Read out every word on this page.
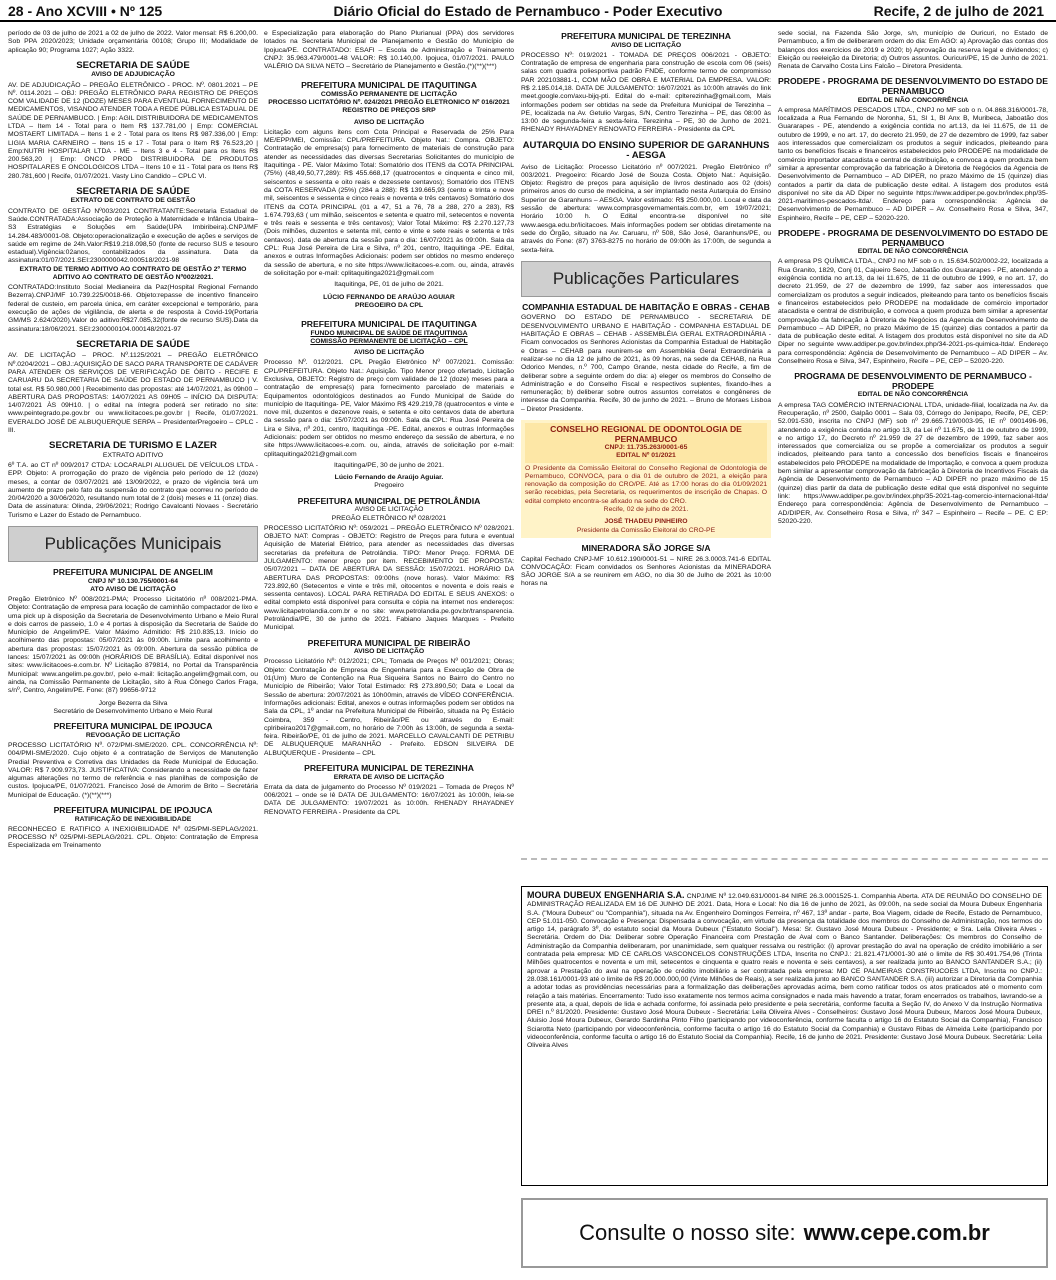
28 - Ano XCVIII • Nº 125	Diário Oficial do Estado de Pernambuco - Poder Executivo	Recife, 2 de julho de 2021
período de 03 de julho de 2021 a 02 de julho de 2022. Valor mensal: R$ 6.200,00. Sob PPA 2020/2023; Unidade orçamentária 00108; Grupo III; Modalidade de aplicação 90; Programa 1027; Ação 3322.
SECRETARIA DE SAÚDE
AVISO DE ADJUDICAÇÃO
AV. DE ADJUDICAÇÃO – PREGÃO ELETRÔNICO - PROC. Nº. 0801.2021 – PE Nº. 0114.2021 – OBJ: PREGÃO ELETRÔNICO PARA REGISTRO DE PREÇOS COM VALIDADE DE 12 (DOZE) MESES PARA EVENTUAL FORNECIMENTO DE MEDICAMENTOS, VISANDO ATENDER TODA A REDE PÚBLICA ESTADUAL DE SAÚDE DE PERNAMBUCO. | Emp: AGIL DISTRIBUIDORA DE MEDICAMENTOS LTDA – Item 14 - Total para o Item R$ 137.781,00 | Emp: COMERCIAL MOSTAERT LIMITADA – Itens 1 e 2 - Total para os Itens R$ 987.336,00 | Emp: LIGIA MARIA CARNEIRO – Itens 15 e 17 - Total para o Item R$ 76.523,20 | Emp:NUTRI HOSPITALAR LTDA - ME – Itens 3 e 4 - Total para os Itens R$ 200.563,20 | Emp: ONCO PROD DISTRIBUIDORA DE PRODUTOS HOSPITALARES E ONCOLOGICOS LTDA – Itens 10 e 11 - Total para os Itens R$ 280.781,600 | Recife, 01/07/2021. Vasty Lino Candido – CPLC VI.
SECRETARIA DE SAÚDE
EXTRATO DE CONTRATO DE GESTÃO
CONTRATO DE GESTÃO Nº003/2021 CONTRATANTE:Secretaria Estadual de Saúde.CONTRATADA:Associação de Proteção à Maternidade e Infância Ubaíra–S3 Estratégias e Soluções em Saúde(UPA Imbiribeira).CNPJ/MF 14.284.483/0001-08. Objeto:operacionalização e execução de ações e serviços de saúde em regime de 24h.Valor:R$19.218.098,50 (fonte de recurso SUS e tesouro estadual).Vigência:02anos, contabilizados da assinatura. Data da assinatura:01/07/2021.SEI:2300000042.000518/2021-98
EXTRATO DE TERMO ADITIVO AO CONTRATO DE GESTÃO 2º TERMO ADITIVO AO CONTRATO DE GESTÃO Nº002/2021.
CONTRATADO:Instituto Social Medianeira da Paz(Hospital Regional Fernando Bezerra).CNPJ/MF 10.739.225/0018-66. Objeto:repasse de incentivo financeiro federal de custeio, em parcela única, em caráter excepcional e temporário, para execução de ações de vigilância, de alerta e de resposta à Covid-19(Portaria GM/MS 2.624/2020).Valor do aditivo:R$27.085,32(fonte de recurso SUS).Data da assinatura:18/06/2021. SEI:2300000104.000148/2021-97
SECRETARIA DE SAÚDE
AV. DE LICITAÇÃO – PROC. Nº.1125/2021 – PREGÃO ELETRÔNICO Nº.0204/2021 – OBJ.:AQUISIÇÃO DE SACO PARA TRANSPORTE DE CADÁVER PARA ATENDER OS SERVIÇOS DE VERIFICAÇÃO DE ÓBITO - RECIFE E CARUARU DA SECRETARIA DE SAÚDE DO ESTADO DE PERNAMBUCO | V. total est. R$ 50.980,000 | Recebimento das propostas: até 14/07/2021, às 09h00 – ABERTURA DAS PROPOSTAS: 14/07/2021 AS 09H05 – INÍCIO DA DISPUTA: 14/07/2021 ÀS 09H10. | o edital na íntegra poderá ser retirado no site: www.peintegrado.pe.gov.br ou www.licitacoes.pe.gov.br | Recife, 01/07/2021. EVERALDO JOSÉ DE ALBUQUERQUE SERPA – Presidente/Pregoeiro – CPLC - III.
SECRETARIA DE TURISMO E LAZER
EXTRATO ADITIVO
6º T.A. ao CT nº 009/2017 CTDA: LOCARALPI ALUGUEL DE VEÍCULOS LTDA - EPP. Objeto: A prorrogação do prazo de vigência pelo período de 12 (doze) meses, a contar de 03/07/2021 até 13/09/2022, e prazo de vigência terá um aumento de prazo pelo fato da suspensão do contrato que ocorreu no período de 20/04/2020 a 30/06/2020, resultando num total de 2 (dois) meses e 11 (onze) dias. Data de assinatura: Olinda, 29/06/2021; Rodrigo Cavalcanti Novaes - Secretário Turismo e Lazer do Estado de Pernambuco.
Publicações Municipais
PREFEITURA MUNICIPAL DE ANGELIM
CNPJ Nº 10.130.755/0001-64
ATO AVISO DE LICITAÇÃO
Pregão Eletrônico Nº 008/2021-PMA; Processo Licitatório nº 008/2021-PMA. Objeto: Contratação de empresa para locação de caminhão compactador de lixo e uma pick up à disposição da Secretaria de Desenvolvimento Urbano e Meio Rural e dois carros de passeio, 1.0 e 4 portas à disposição da Secretaria de Saúde do Município de Angelim/PE. Valor Máximo Admitido: R$ 210.835,13. Início do acolhimento das propostas: 05/07/2021 às 09:00h. Limite para acolhimento e abertura das propostas: 15/07/2021 às 09:00h. Abertura da sessão pública de lances: 15/07/2021 às 09:00h (HORÁRIOS DE BRASÍLIA). Edital disponível nos sites: www.licitacoes-e.com.br. Nº Licitação 879814, no Portal da Transparência Municipal: www.angelim.pe.gov.br/, pelo e-mail: licitação.angelim@gmail.com, ou ainda, na Comissão Permanente de Licitação, sito à Rua Cônego Carlos Fraga, s/nº, Centro, Angelim/PE. Fone: (87) 99656-9712
Jorge Bezerra da Silva
Secretário de Desenvolvimento Urbano e Meio Rural
PREFEITURA MUNICIPAL DE IPOJUCA
REVOGAÇÃO DE LICITAÇÃO
PROCESSO LICITATÓRIO Nº. 072/PMI-SME/2020. CPL. CONCORRÊNCIA Nº: 004/PMI-SME/2020. Cujo objeto é a contratação de Serviços de Manutenção Predial Preventiva e Corretiva das Unidades da Rede Municipal de Educação. VALOR: R$ 7.909.973,73. JUSTIFICATIVA: Considerando a necessidade de fazer algumas alterações no termo de referência e nas planilhas de composição de custos. Ipojuca/PE, 01/07/2021. Francisco José de Amorim de Brito – Secretária Municipal de Educação. (*)(**)(***)
PREFEITURA MUNICIPAL DE IPOJUCA
RATIFICAÇÃO DE INEXIGIBILIDADE
RECONHECEO E RATIFICO A INEXIGIBILIDADE Nº 025/PMI-SEPLAG/2021. PROCESSO Nº 025/PMI-SEPLAG/2021. CPL. Objeto: Contratação de Empresa Especializada em Treinamento
e Especialização para elaboração do Plano Plurianual (PPA) dos servidores lotados na Secretaria Municipal de Planejamento e Gestão do Município de Ipojuca/PE. CONTRATADO: ESAFI – Escola de Administração e Treinamento CNPJ: 35.963.479/0001-48 VALOR: R$ 10.140,00. Ipojuca, 01/07/2021. PAULO VALÉRIO DA SILVA NETO – Secretário de Planejamento e Gestão.(*)(**)(***)
PREFEITURA MUNICIPAL DE ITAQUITINGA
COMISSÃO PERMANENTE DE LICITAÇÃO
PROCESSO LICITATÓRIO Nº. 024/2021 PREGÃO ELETRONICO Nº 016/2021 REGISTRO DE PREÇOS SRP
AVISO DE LICITAÇÃO
Licitação com alguns itens com Cota Principal e Reservada de 25% Para ME/EPP/MEI, Comissão: CPL/PREFEITURA. Objeto Nat.: Compra. OBJETO: Contratação de empresa(s) para fornecimento de materiais de construção para atender as necessidades das diversas Secretarias Solicitantes do município de Itaquitinga - PE. Valor Máximo Total: Somatório dos ITENS da COTA PRINCIPAL (75%) (48,49,50,77,289): R$ 455.668,17 (quatrocentos e cinquenta e cinco mil, seiscentos e sessenta e oito reais e dezessete centavos); Somatório dos ITENS da COTA RESERVADA (25%) (284 a 288): R$ 139.665,93 (cento e trinta e nove mil, seiscentos e sessenta e cinco reais e noventa e três centavos) Somatório dos ITENS da COTA PRINCIPAL (01 a 47, 51 a 76, 78 a 288, 270 a 283), R$ 1.674.793,63 ( um milhão, seiscentos e setenta e quatro mil, setecentos e noventa e três reais e sessenta e três centavos); Valor Total Máximo: R$ 2.270.127,73 (Dois milhões, duzentos e setenta mil, cento e vinte e sete reais e setenta e três centavos). data de abertura da sessão para o dia: 16/07/2021 às 09:00h. Sala da CPL: Rua José Pereira de Lira e Silva, nº 201, centro, Itaquitinga -PE. Edital, anexos e outras Informações Adicionais: podem ser obtidos no mesmo endereço da sessão de abertura, e no site https://www.licitacoes-e.com. ou, ainda, através de solicitação por e-mail: cplitaquitinga2021@gmail.com
Itaquitinga, PE, 01 de julho de 2021.
LÚCIO FERNANDO DE ARAÚJO AGUIAR
PREGOEIRO DA CPL
PREFEITURA MUNICIPAL DE ITAQUITINGA
FUNDO MUNICIPAL DE SAÚDE DE ITAQUITINGA
COMISSÃO PERMANENTE DE LICITAÇÃO – CPL
AVISO DE LICITAÇÃO
Processo Nº. 012/2021. CPL Pregão Eletrônico Nº 007/2021. Comissão: CPL/PREFEITURA. Objeto Nat.: Aquisição. Tipo Menor preço ofertado, Licitação Exclusiva, OBJETO: Registro de preço com validade de 12 (doze) meses para a contratação de empresa(s) para fornecimento parcelado de materiais e Equipamentos odontológicos destinados ao Fundo Municipal de Saúde do município de Itaquitinga- PE, Valor Máximo R$ 429.219,78 (quatrocentos e vinte e nove mil, duzentos e dezenove reais, e setenta e oito centavos data de abertura da sessão para o dia: 15/07/2021 às 09:00h. Sala da CPL: Rua José Pereira de Lira e Silva, nº 201, centro, Itaquitinga -PE. Edital, anexos e outras Informações Adicionais: podem ser obtidos no mesmo endereço da sessão de abertura, e no site https://www.licitacoes-e.com. ou, ainda, através de solicitação por e-mail: cplitaquitinga2021@gmail.com
Itaquitinga/PE, 30 de junho de 2021.
Lúcio Fernando de Araújo Aguiar.
Pregoeiro
PREFEITURA MUNICIPAL DE PETROLÂNDIA
AVISO DE LICITAÇÃO
PREGÃO ELETRÔNICO Nº 028/2021
PROCESSO LICITATÓRIO Nº: 059/2021 – PREGÃO ELETRÔNICO Nº 028/2021. OBJETO NAT: Compras - OBJETO: Registro de Preços para futura e eventual Aquisição de Material Elétrico, para atender as necessidades das diversas secretarias da prefeitura de Petrolândia. TIPO: Menor Preço. FORMA DE JULGAMENTO: menor preço por item. RECEBIMENTO DE PROPOSTA: 05/07/2021 – DATA DE ABERTURA DA SESSÃO: 15/07/2021. HORÁRIO DA ABERTURA DAS PROPOSTAS: 09:00hs (nove horas). Valor Máximo: R$ 723.892,60 (Setecentos e vinte e três mil, oitocentos e noventa e dois reais e sessenta centavos). LOCAL PARA RETIRADA DO EDITAL E SEUS ANEXOS: o edital completo está disponível para consulta e cópia na internet nos endereços: www.licitapetrolandia.com.br e no site: www.petrolandia.pe.gov.br/transparencia. Petrolândia/PE, 30 de junho de 2021. Fabiano Jaques Marques - Prefeito Municipal.
PREFEITURA MUNICIPAL DE RIBEIRÃO
AVISO DE LICITAÇÃO
Processo Licitatório Nº: 012/2021; CPL; Tomada de Preços Nº 001/2021; Obras; Objeto: Contratação de Empresa de Engenharia para a Execução de Obra de 01(Um) Muro de Contenção na Rua Siqueira Santos no Bairro do Centro no Município de Ribeirão; Valor Total Estimado: R$ 273.890,50; Data e Local da Sessão de abertura: 20/07/2021 às 10h00min, através de VÍDEO CONFERÊNCIA. Informações adicionais: Edital, anexos e outras informações podem ser obtidos na Sala da CPL, 1º andar na Prefeitura Municipal de Ribeirão, situada na Pç Estácio Coimbra, 359 - Centro, Ribeirão/PE ou através do E-mail: cplribeirao2017@gmail.com, no horário de 7:00h às 13:00h, de segunda a sexta-feira. Ribeirão/PE, 01 de julho de 2021. MARCELLO CAVALCANTI DE PETRIBU DE ALBUQUERQUE MARANHÃO - Prefeito. EDSON SILVEIRA DE ALBUQUERQUE - Presidente – CPL
PREFEITURA MUNICIPAL DE TEREZINHA
ERRATA DE AVISO DE LICITAÇÃO
Errata da data de julgamento do Processo Nº 019/2021 – Tomada de Preços Nº 006/2021 – onde se lê DATA DE JULGAMENTO: 16/07/2021 às 10:00h, leia-se DATA DE JULGAMENTO: 19/07/2021 às 10:00h. RHENADY RHAYADNEY RENOVATO FERREIRA - Presidente da CPL
PREFEITURA MUNICIPAL DE TEREZINHA
AVISO DE LICITAÇÃO
PROCESSO Nº: 019/2021 - TOMADA DE PREÇOS 006/2021 - OBJETO: Contratação de empresa de engenharia para construção de escola com 06 (seis) salas com quadra poliesportiva padrão FNDE, conforme termo de compromisso PAR 202103881-1, COM MÃO DE OBRA E MATERIAL DA EMPRESA. VALOR: R$ 2.185.014,18. DATA DE JULGAMENTO: 16/07/2021 às 10:00h através do link meet.google.com/axu-bijq-pti. Edital do e-mail: cplterezinha@gmail.com, Mais informações podem ser obtidas na sede da Prefeitura Municipal de Terezinha – PE, localizada na Av. Getulio Vargas, S/N, Centro Terezinha – PE, das 08:00 às 13:00 de segunda-feira a sexta-feira. Terezinha – PE, 30 de Junho de 2021. RHENADY RHAYADNEY RENOVATO FERREIRA - Presidente da CPL
AUTARQUIA DO ENSINO SUPERIOR DE GARANHUNS - AESGA
Aviso de Licitação: Processo Licitatório nº 007/2021. Pregão Eletrônico nº 003/2021. Pregoeiro: Ricardo José de Souza Costa. Objeto Nat.: Aquisição. Objeto: Registro de preços para aquisição de livros destinado aos 02 (dois) primeiros anos do curso de medicina, a ser implantado nesta Autarquia do Ensino Superior de Garanhuns – AESGA. Valor estimado: R$ 250.000,00. Local e data da sessão de abertura: www.comprasgovernamentais.com.br, em 19/07/2021; Horário 10:00 h. O Edital encontra-se disponível no site www.aesga.edu.br/licitacoes. Mais informações podem ser obtidas diretamente na sede do Órgão, situado na Av. Caruaru, nº 508, São José, Garanhuns/PE, ou através do Fone: (87) 3763-8275 no horário de 09:00h às 17:00h, de segunda a sexta-feira.
Publicações Particulares
COMPANHIA ESTADUAL DE HABITAÇÃO E OBRAS - CEHAB
GOVERNO DO ESTADO DE PERNAMBUCO - SECRETARIA DE DESENVOLVIMENTO URBANO E HABITAÇÃO - COMPANHIA ESTADUAL DE HABITAÇÃO E OBRAS – CEHAB - ASSEMBLÉIA GERAL EXTRAORDINÁRIA - Ficam convocados os Senhores Acionistas da Companhia Estadual de Habitação e Obras – CEHAB para reunirem-se em Assembléia Geral Extraordinária a realizar-se no dia 12 de julho de 2021, às 09 horas, na sede da CEHAB, na Rua Odorico Mendes, n.º 700, Campo Grande, nesta cidade do Recife, a fim de deliberar sobre a seguinte ordem do dia: a) eleger os membros do Conselho de Administração e do Conselho Fiscal e respectivos suplentes, fixando-lhes a remuneração; b) deliberar sobre outros assuntos correlatos e congêneres de interesse da Companhia. Recife, 30 de junho de 2021. – Bruno de Moraes Lisboa – Diretor Presidente.
CONSELHO REGIONAL DE ODONTOLOGIA DE PERNAMBUCO
CNPJ: 11.735.263/0001-65
EDITAL Nº 01/2021
O Presidente da Comissão Eleitoral do Conselho Regional de Odontologia de Pernambuco, CONVOCA, para o dia 01 de outubro de 2021, a eleição para renovação da composição do CRO/PE. Até as 17:00 horas do dia 01/09/2021 serão recebidas, pela Secretaria, os requerimentos de inscrição de Chapas. O edital completo encontra-se afixado na sede do CRO.
Recife, 02 de julho de 2021.
JOSÉ THADEU PINHEIRO
Presidente da Comissão Eleitoral do CRO-PE
MINERADORA SÃO JORGE S/A
Capital Fechado CNPJ-MF 10.612.190/0001-51 – NIRE 26.3.0003.741-6 EDITAL CONVOCAÇÃO: Ficam convidados os Senhores Acionistas da MINERADORA SÃO JORGE S/A a se reunirem em AGO, no dia 30 de Julho de 2021 às 10:00 horas na
sede social, na Fazenda São Jorge, s/n, município de Ouricuri, no Estado de Pernambuco, a fim de deliberarem ordem do dia: Em AGO: a) Aprovação das contas dos balanços dos exercícios de 2019 e 2020; b) Aprovação da reserva legal e dividendos; c) Eleição ou reeleição da Diretoria; d) Outros assuntos. Ouricuri/PE, 15 de Junho de 2021. Renata de Carvalho Costa Lins Falcão – Diretora Presidenta.
PRODEPE - PROGRAMA DE DESENVOLVIMENTO DO ESTADO DE PERNAMBUCO
EDITAL DE NÃO CONCORRÊNCIA
A empresa MARÍTIMOS PESCADOS LTDA., CNPJ no MF sob o n. 04.868.316/0001-78, localizada a Rua Fernando de Noronha, 51, Sl 1, Bl Anx B, Muribeca, Jaboatão dos Guararapes - PE, atendendo a exigência contida no art.13, da lei 11.675, de 11 de outubro de 1999, e no art. 17, do decreto 21.959, de 27 de dezembro de 1999, faz saber aos interessados que comercializam os produtos a seguir indicados, pleiteando para tanto os benefícios fiscais e financeiros estabelecidos pelo PRODEPE na modalidade de comércio importador atacadista e central de distribuição, e convoca a quem produza bem similar a apresentar comprovação da fabricação à Diretoria de Negócios da Agencia de Desenvolvimento de Pernambuco – AD DIPER, no prazo Máximo de 15 (quinze) dias contados a partir da data de publicação deste edital. A listagem dos produtos está disponível no site da AD Diper no seguinte https://www.addiper.pe.gov.br/index.php/35-2021-maritimos-pescados-ltda/. Endereço para correspondência: Agência de Desenvolvimento de Pernambuco – AD DIPER – Av. Conselheiro Rosa e Silva, 347, Espinheiro, Recife – PE, CEP – 52020-220.
PRODEPE - PROGRAMA DE DESENVOLVIMENTO DO ESTADO DE PERNAMBUCO
EDITAL DE NÃO CONCORRÊNCIA
A empresa PS QUÍMICA LTDA., CNPJ no MF sob o n. 15.634.502/0002-22, localizada a Rua Granito, 1829, Conj 01, Cajueiro Seco, Jaboatão dos Guararapes - PE, atendendo a exigência contida no art.13, da lei 11.675, de 11 de outubro de 1999, e no art. 17, do decreto 21.959, de 27 de dezembro de 1999, faz saber aos interessados que comercializam os produtos a seguir indicados, pleiteando para tanto os benefícios fiscais e financeiros estabelecidos pelo PRODEPE na modalidade de comércio importador atacadista e central de distribuição, e convoca a quem produza bem similar a apresentar comprovação da fabricação à Diretoria de Negócios da Agencia de Desenvolvimento de Pernambuco – AD DIPER, no prazo Máximo de 15 (quinze) dias contados a partir da data de publicação deste edital. A listagem dos produtos está disponível no site da AD Diper no seguinte www.addiper.pe.gov.br/index.php/34-2021-ps-quimica-ltda/. Endereço para correspondência: Agência de Desenvolvimento de Pernambuco – AD DIPER – Av. Conselheiro Rosa e Silva, 347, Espinheiro, Recife – PE, CEP – 52020-220.
PROGRAMA DE DESENVOLVIMENTO DE PERNAMBUCO - PRODEPE
EDITAL DE NÃO CONCORRÊNCIA
A empresa TAG COMÉRCIO INTERNACIONAL LTDA, unidade-filial, localizada na Av. da Recuperação, nº 2500, Galpão 0001 – Sala 03, Córrego do Jenipapo, Recife, PE, CEP: 52.091-530, inscrita no CNPJ (MF) sob nº 29.665.719/0003-95, IE nº 0901496-96, atendendo a exigência contida no artigo 13, da Lei nº 11.675, de 11 de outubro de 1999, e no artigo 17, do Decreto nº 21.959 de 27 de dezembro de 1999, faz saber aos interessados que comercializa ou se propõe a comercializar os produtos a seguir indicados, pleiteando para tanto a concessão dos benefícios fiscais e financeiros estabelecidos pelo PRODEPE na modalidade de Importação, e convoca a quem produza bem similar a apresentar comprovação da fabricação à Diretoria de Incentivos Fiscais da Agência de Desenvolvimento de Pernambuco – AD DIPER no prazo máximo de 15 (quinze) dias partir da data de publicação deste edital que está disponível no seguinte link: https://www.addiper.pe.gov.br/index.php/35-2021-tag-comercio-internacional-ltda/ Endereço para correspondência: Agência de Desenvolvimento de Pernambuco – AD/DIPER, Av. Conselheiro Rosa e Silva, nº 347 – Espinheiro – Recife – PE. C EP: 52020-220.

MOURA DUBEUX ENGENHARIA S.A. CNPJ/ME Nº 12.049.631/0001-84 NIRE 26.3.0001525-1. Companhia Aberta. ATA DE REUNIÃO DO CONSELHO DE ADMINISTRAÇÃO REALIZADA EM 16 DE JUNHO DE 2021. Data, Hora e Local: No dia 16 de junho de 2021, às 09:00h, na sede social da Moura Dubeux Engenharia S.A. ("Moura Dubeux" ou "Companhia"), situada na Av. Engenheiro Domingos Ferreira, nº 467, 13º andar - parte, Boa Viagem, cidade de Recife, Estado de Pernambuco, CEP 51.011-050. Convocação e Presença: Dispensada a convocação, em virtude da presença da totalidade dos membros do Conselho de Administração, nos termos do artigo 14, parágrafo 3º, do estatuto social da Moura Dubeux ("Estatuto Social"). Mesa: Sr. Gustavo José Moura Dubeux - Presidente; e Sra. Leila Oliveira Alves - Secretária. Ordem do Dia: Deliberar sobre Operação Financeira com Prestação de Aval com o Banco Santander. Deliberações: Os membros do Conselho de Administração da Companhia deliberaram, por unanimidade, sem qualquer ressalva ou restrição: (i) aprovar prestação do aval na operação de crédito imobiliário a ser contratada pela empresa: MD CE CARLOS VASCONCELOS CONSTRUÇÕES LTDA, Inscrita no CNPJ.: 21.821.471/0001-30 até o limite de R$ 30.491.754,96 (Trinta Milhões quatrocentos e noventa e um mil, setecentos e cinquenta e quatro reais e noventa e seis centavos), a ser realizada junto ao BANCO SANTANDER S.A.; (ii) aprovar a Prestação do aval na operação de crédito imobiliário a ser contratada pela empresa: MD CE PALMEIRAS CONSTRUCOES LTDA, Inscrita no CNPJ.: 28.038.161/0001-93 até o limite de R$ 20.000.000,00 (Vinte Milhões de Reais), a ser realizada junto ao BANCO SANTANDER S.A. (iii) autorizar a Diretoria da Companhia a adotar todas as providências necessárias para a formalização das deliberações aprovadas acima, bem como ratificar todos os atos praticados até o momento com relação a tais matérias. Encerramento: Tudo isso exatamente nos termos acima consignados e nada mais havendo a tratar, foram encerrados os trabalhos, lavrando-se a presente ata, a qual, depois de lida e achada conforme, foi assinada pelo presidente e pela secretária, conforme faculta a Seção IV, do Anexo V da Instrução Normativa DREI n.º 81/2020. Presidente: Gustavo José Moura Dubeux - Secretária: Leila Oliveira Alves - Conselheiros: Gustavo José Moura Dubeux, Marcos José Moura Dubeux, Aluisio José Moura Dubeux, Gerardo Sardinha Pinto Filho (participando por videoconferência, conforme faculta o artigo 16 do Estatuto Social da Companhia), Francisco Sciarotta Neto (participando por videoconferência, conforme faculta o artigo 16 do Estatuto Social da Companhia) e Gustavo Ribas de Almeida Leite (participando por videoconferência, conforme faculta o artigo 16 do Estatuto Social da Companhia). Recife, 16 de junho de 2021. Presidente: Gustavo José Moura Dubeux. Secretária: Leila Oliveira Alves

Consulte o nosso site: www.cepe.com.br
